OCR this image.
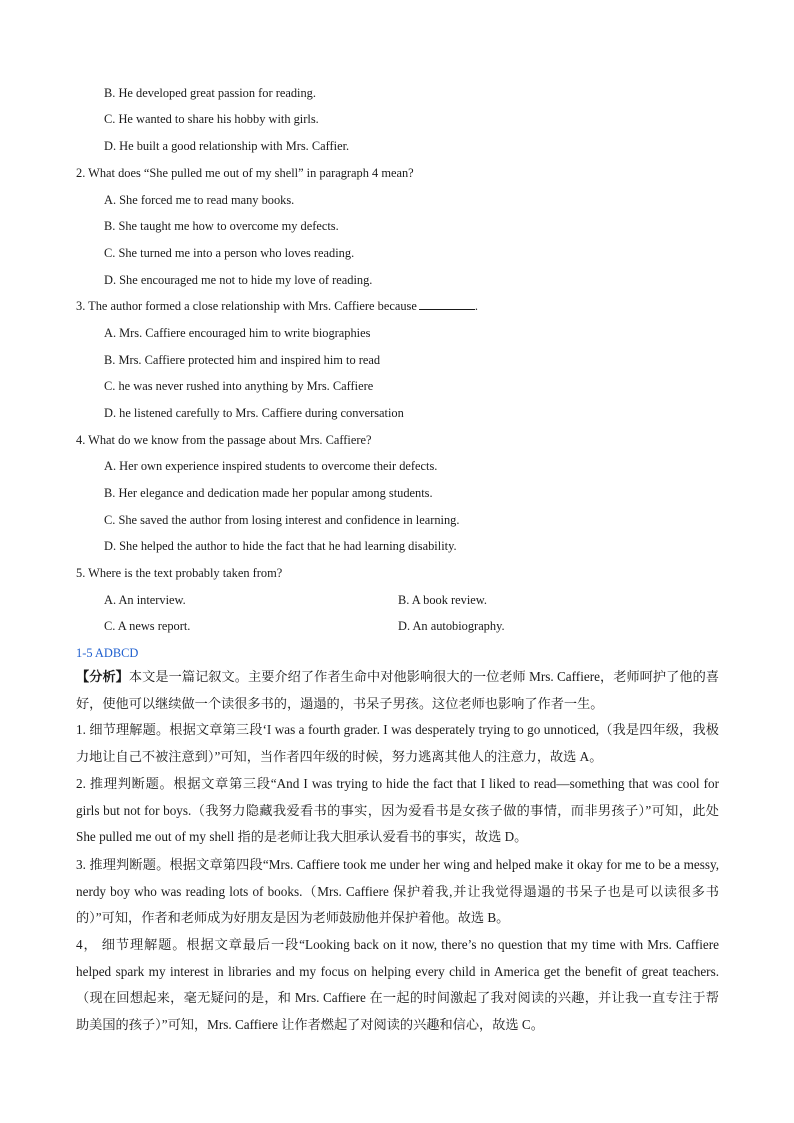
B. He developed great passion for reading.
C. He wanted to share his hobby with girls.
D. He built a good relationship with Mrs. Caffier.
2. What does “She pulled me out of my shell” in paragraph 4 mean?
A. She forced me to read many books.
B. She taught me how to overcome my defects.
C. She turned me into a person who loves reading.
D. She encouraged me not to hide my love of reading.
3. The author formed a close relationship with Mrs. Caffiere because	.
A. Mrs. Caffiere encouraged him to write biographies
B. Mrs. Caffiere protected him and inspired him to read
C. he was never rushed into anything by Mrs. Caffiere
D. he listened carefully to Mrs. Caffiere during conversation
4. What do we know from the passage about Mrs. Caffiere?
A. Her own experience inspired students to overcome their defects.
B. Her elegance and dedication made her popular among students.
C. She saved the author from losing interest and confidence in learning.
D. She helped the author to hide the fact that he had learning disability.
5. Where is the text probably taken from?
A. An interview.	B. A book review.
C. A news report.	D. An autobiography.
1-5 ADBCD
【分析】本文是一篇记叙文。主要介绍了作者生命中对他影响很大的一位老师 Mrs. Caffiere，老师呵护了他的喜好，使他可以继续做一个读很多书的，遢遢的，书呆子男孩。这位老师也影响了作者一生。
1. 细节理解题。根据文章第三段‘I was a fourth grader. I was desperately trying to go unnoticed,（我是四年级，我极力地让自己不被注意到）”可知，当作者四年级的时候，努力逃离其他人的注意力，故选 A。
2. 推理判断题。根据文章第三段“And I was trying to hide the fact that I liked to read—something that was cool for girls but not for boys.（我努力隐藏我爱看书的事实，因为爱看书是女孩子做的事情，而非男孩子）”可知，此处 She pulled me out of my shell 指的是老师让我大胆承认爱看书的事实，故选 D。
3. 推理判断题。根据文章第四段“Mrs. Caffiere took me under her wing and helped make it okay for me to be a messy, nerdy boy who was reading lots of books.（Mrs. Caffiere 保护着我,并让我觉得遢遢的书呆子也是可以读很多书的）”可知，作者和老师成为好朋友是因为老师鼓励他并保护着他。故选 B。
4， 细节理解题。根据文章最后一段“Looking back on it now, there’s no question that my time with Mrs. Caffiere helped spark my interest in libraries and my focus on helping every child in America get the benefit of great teachers.（现在回想起来，毫无疑问的是，和 Mrs. Caffiere 在一起的时间激起了我对阅读的兴趣，并让我一直专注于帮助美国的孩子）”可知，Mrs. Caffiere 让作者燃起了对阅读的兴趣和信心，故选 C。
